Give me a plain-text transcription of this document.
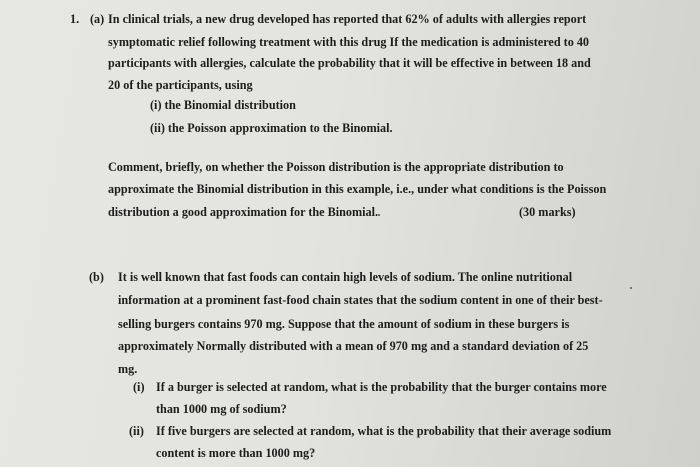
1. (a) In clinical trials, a new drug developed has reported that 62% of adults with allergies report
symptomatic relief following treatment with this drug If the medication is administered to 40
participants with allergies, calculate the probability that it will be effective in between 18 and
20 of the participants, using
(i) the Binomial distribution
(ii) the Poisson approximation to the Binomial.
Comment, briefly, on whether the Poisson distribution is the appropriate distribution to
approximate the Binomial distribution in this example, i.e., under what conditions is the Poisson
distribution a good approximation for the Binomial.	(30 marks)
(b) It is well known that fast foods can contain high levels of sodium. The online nutritional
information at a prominent fast-food chain states that the sodium content in one of their best-
selling burgers contains 970 mg. Suppose that the amount of sodium in these burgers is
approximately Normally distributed with a mean of 970 mg and a standard deviation of 25
mg.
(i) If a burger is selected at random, what is the probability that the burger contains more
than 1000 mg of sodium?
(ii) If five burgers are selected at random, what is the probability that their average sodium
content is more than 1000 mg?
